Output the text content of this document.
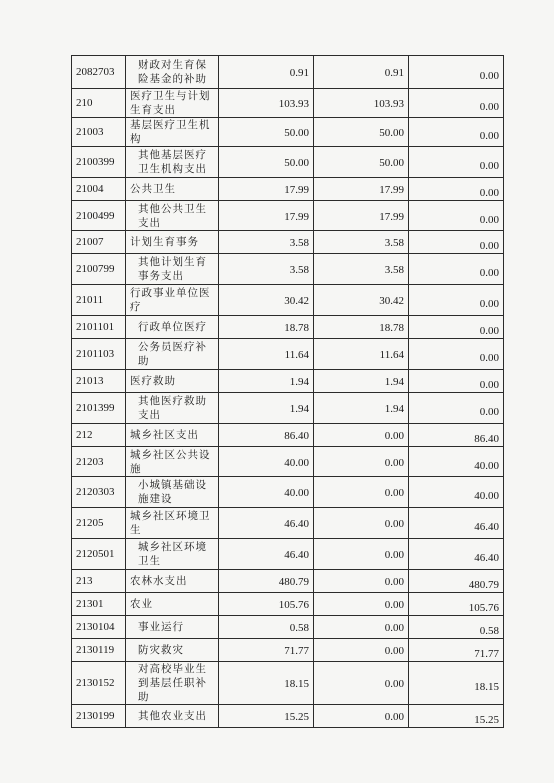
2082703	财政对生育保险基金的补助	0.91	0.91	0.00
210	医疗卫生与计划生育支出	103.93	103.93	0.00
21003	基层医疗卫生机构	50.00	50.00	0.00
2100399	其他基层医疗卫生机构支出	50.00	50.00	0.00
21004	公共卫生	17.99	17.99	0.00
2100499	其他公共卫生支出	17.99	17.99	0.00
21007	计划生育事务	3.58	3.58	0.00
2100799	其他计划生育事务支出	3.58	3.58	0.00
21011	行政事业单位医疗	30.42	30.42	0.00
2101101	行政单位医疗	18.78	18.78	0.00
2101103	公务员医疗补助	11.64	11.64	0.00
21013	医疗救助	1.94	1.94	0.00
2101399	其他医疗救助支出	1.94	1.94	0.00
212	城乡社区支出	86.40	0.00	86.40
21203	城乡社区公共设施	40.00	0.00	40.00
2120303	小城镇基础设施建设	40.00	0.00	40.00
21205	城乡社区环境卫生	46.40	0.00	46.40
2120501	城乡社区环境卫生	46.40	0.00	46.40
213	农林水支出	480.79	0.00	480.79
21301	农业	105.76	0.00	105.76
2130104	事业运行	0.58	0.00	0.58
2130119	防灾救灾	71.77	0.00	71.77
2130152	对高校毕业生到基层任职补助	18.15	0.00	18.15
2130199	其他农业支出	15.25	0.00	15.25
